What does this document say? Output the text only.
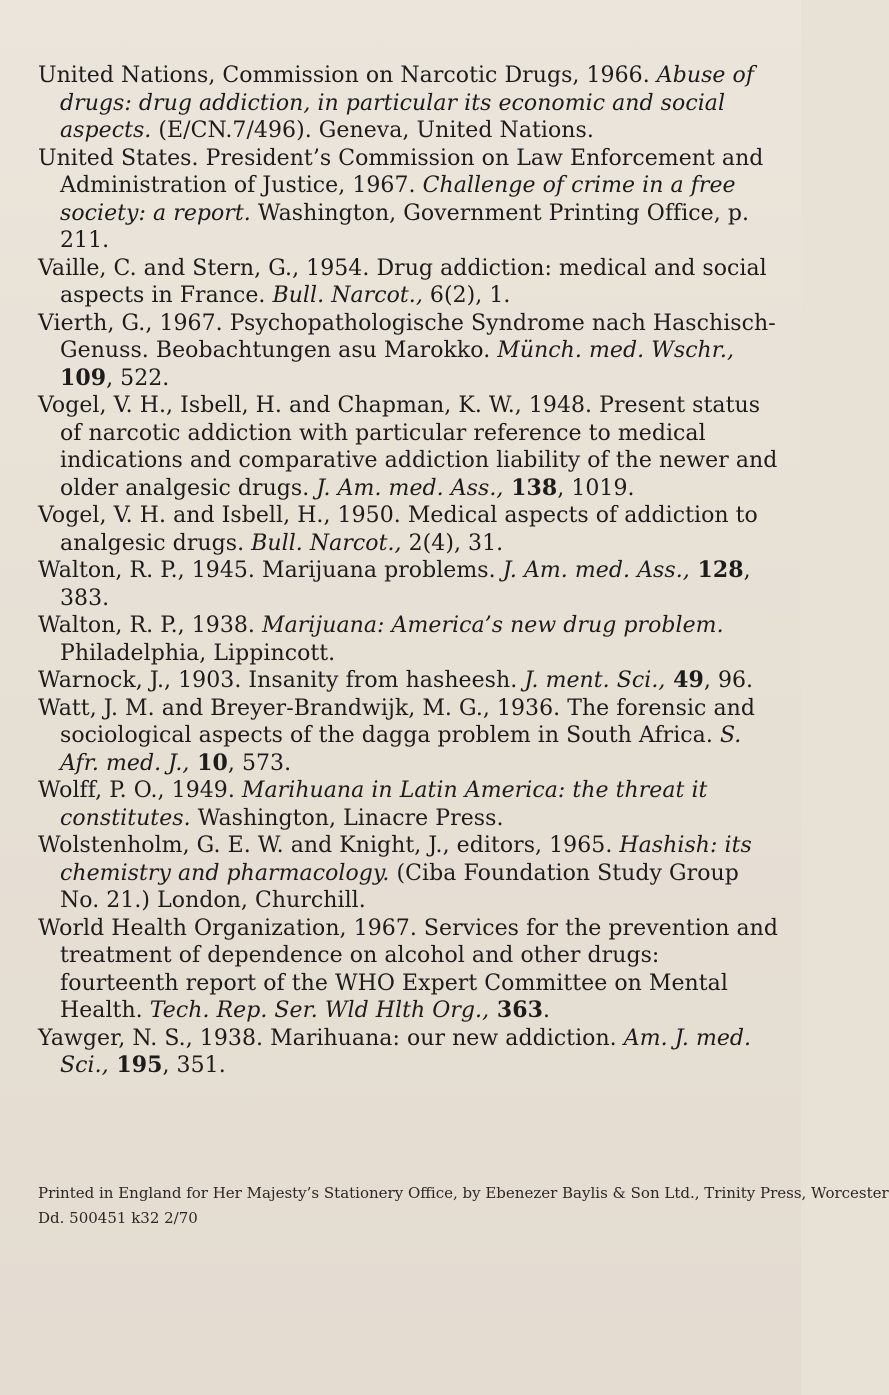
United Nations, Commission on Narcotic Drugs, 1966. Abuse of drugs: drug addiction, in particular its economic and social aspects. (E/CN.7/496). Geneva, United Nations.

United States. President’s Commission on Law Enforcement and Administration of Justice, 1967. Challenge of crime in a free society: a report. Washington, Government Printing Office, p. 211.

Vaille, C. and Stern, G., 1954. Drug addiction: medical and social aspects in France. Bull. Narcot., 6(2), 1.

Vierth, G., 1967. Psychopathologische Syndrome nach Haschisch-Genuss. Beobachtungen asu Marokko. Münch. med. Wschr., 109, 522.

Vogel, V. H., Isbell, H. and Chapman, K. W., 1948. Present status of narcotic addiction with particular reference to medical indications and comparative addiction liability of the newer and older analgesic drugs. J. Am. med. Ass., 138, 1019.

Vogel, V. H. and Isbell, H., 1950. Medical aspects of addiction to analgesic drugs. Bull. Narcot., 2(4), 31.

Walton, R. P., 1945. Marijuana problems. J. Am. med. Ass., 128, 383.

Walton, R. P., 1938. Marijuana: America’s new drug problem. Philadelphia, Lippincott.

Warnock, J., 1903. Insanity from hasheesh. J. ment. Sci., 49, 96.

Watt, J. M. and Breyer-Brandwijk, M. G., 1936. The forensic and sociological aspects of the dagga problem in South Africa. S. Afr. med. J., 10, 573.

Wolff, P. O., 1949. Marihuana in Latin America: the threat it constitutes. Washington, Linacre Press.

Wolstenholm, G. E. W. and Knight, J., editors, 1965. Hashish: its chemistry and pharmacology. (Ciba Foundation Study Group No. 21.) London, Churchill.

World Health Organization, 1967. Services for the prevention and treatment of dependence on alcohol and other drugs: fourteenth report of the WHO Expert Committee on Mental Health. Tech. Rep. Ser. Wld Hlth Org., 363.

Yawger, N. S., 1938. Marihuana: our new addiction. Am. J. med. Sci., 195, 351.

Printed in England for Her Majesty’s Stationery Office, by Ebenezer Baylis & Son Ltd., Trinity Press, Worcester
Dd. 500451 k32 2/70
